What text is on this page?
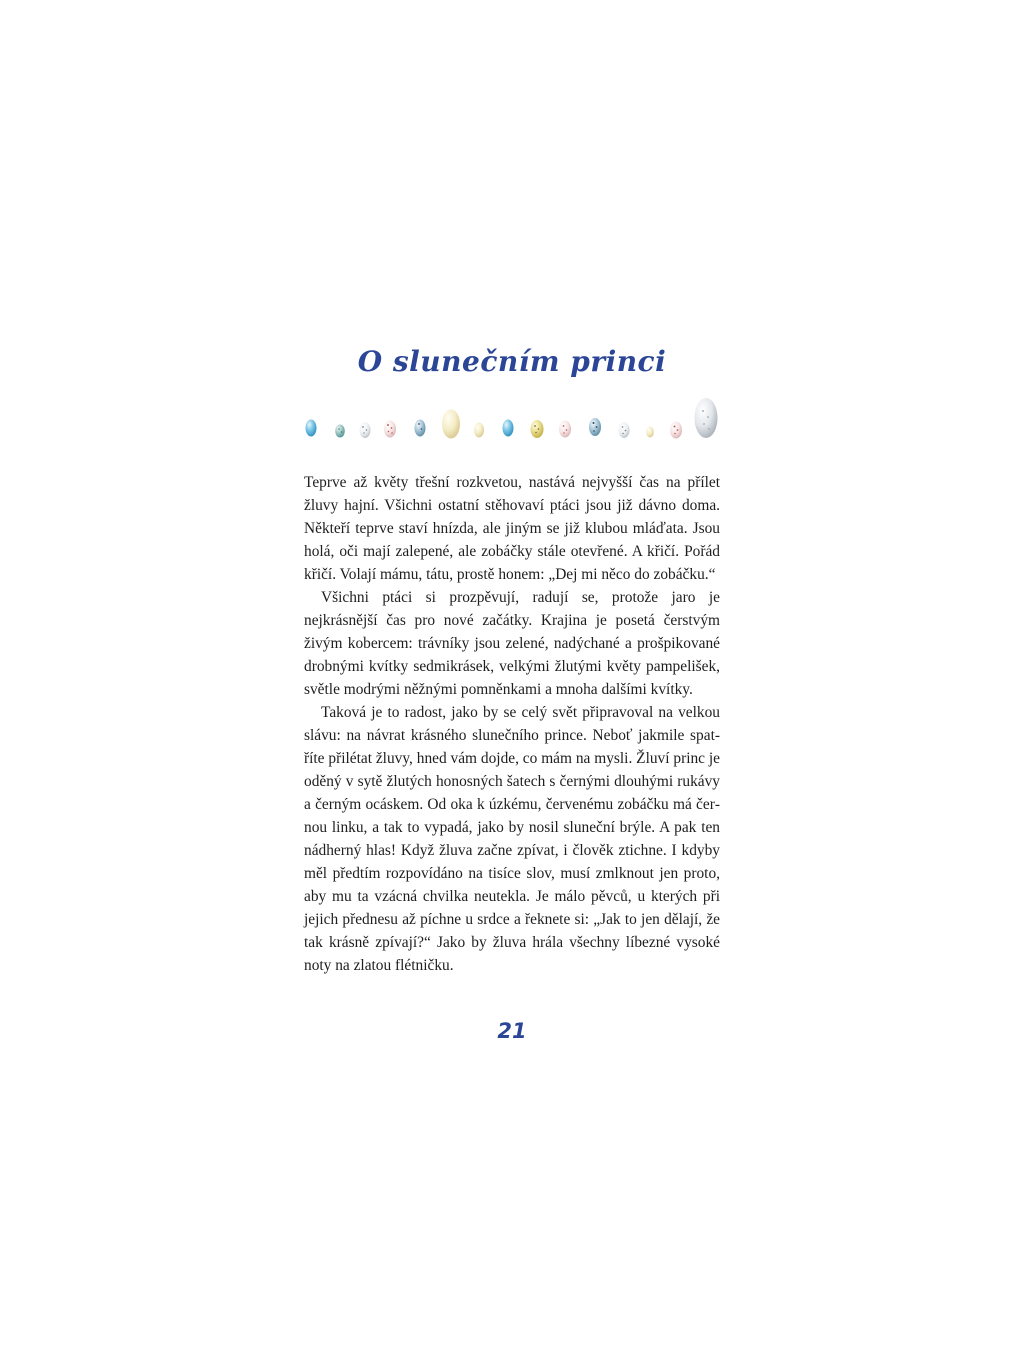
O slunečním princi

Teprve až květy třešní rozkvetou, nastává nejvyšší čas na přílet žluvy hajní. Všichni ostatní stěhovaví ptáci jsou již dávno doma. Někteří teprve staví hnízda, ale jiným se již klubou mláďata. Jsou holá, oči mají zalepené, ale zobáčky stále otevřené. A křičí. Pořád křičí. Volají mámu, tátu, prostě honem: „Dej mi něco do zobáčku.“

Všichni ptáci si prozpěvují, radují se, protože jaro je nejkrásnější čas pro nové začátky. Krajina je posetá čerstvým živým kobercem: trávníky jsou zelené, nadýchané a prošpikované drobnými kvítky sedmikrásek, velkými žlutými květy pampelišek, světle modrými něžnými pomněnkami a mnoha dalšími kvítky.

Taková je to radost, jako by se celý svět připravoval na velkou slávu: na návrat krásného slunečního prince. Neboť jakmile spatříte přilétat žluvy, hned vám dojde, co mám na mysli. Žluví princ je oděný v sytě žlutých honosných šatech s černými dlouhými rukávy a černým ocáskem. Od oka k úzkému, červenému zobáčku má černou linku, a tak to vypadá, jako by nosil sluneční brýle. A pak ten nádherný hlas! Když žluva začne zpívat, i člověk ztichne. I kdyby měl předtím rozpovídáno na tisíce slov, musí zmlknout jen proto, aby mu ta vzácná chvilka neutekla. Je málo pěvců, u kterých při jejich přednesu až píchne u srdce a řeknete si: „Jak to jen dělají, že tak krásně zpívají?“ Jako by žluva hrála všechny líbezné vysoké noty na zlatou flétničku.

21
